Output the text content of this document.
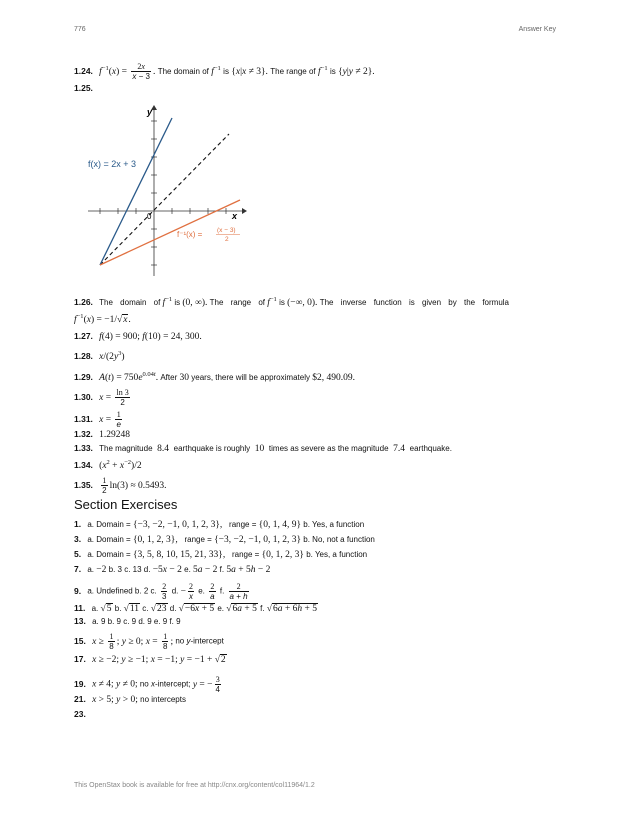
776	Answer Key
1.24. $f^{-1}(x) = \frac{2x}{x - 3}$ . The domain of $f^{-1}$ is {x|x ≠ 3}. The range of $f^{-1}$ is {y|y ≠ 2}.
1.25.
y
x
0
f(x) = 2x + 3
f⁻¹(x) = (x − 3)
2
1.26. The domain of $f^{-1}$ is (0, ∞). The range of $f^{-1}$ is (−∞, 0). The inverse function is given by the formula
$f^{-1}(x) = -1/√x$.
1.27. f(4) = 900; f(10) = 24, 300.
1.28. $x/(2y^3)$
1.29. $A(t) = 750e^{0.04t}$. After 30 years, there will be approximately $2, 490.09.
1.30. $x = \frac{\ln 3}{2}$
1.31. $x = \frac{1}{e}$
1.32. 1.29248
1.33. The magnitude  8.4  earthquake is roughly  10  times as severe as the magnitude  7.4  earthquake.
1.34. $(x^2 + x^{-2})/2$
1.35. $\frac{1}{2} \ln(3) \approx 0.5493$.
Section Exercises
1. a. Domain = {−3, −2, −1, 0, 1, 2, 3}, range = {0, 1, 4, 9} b. Yes, a function
3. a. Domain = {0, 1, 2, 3}, range = {−3, −2, −1, 0, 1, 2, 3} b. No, not a function
5. a. Domain = {3, 5, 8, 10, 15, 21, 33}, range = {0, 1, 2, 3} b. Yes, a function
7. a. −2 b. 3 c. 13 d. −5x − 2 e. 5a − 2 f. 5a + 5h − 2
9. a. Undefined b. 2 c. $\frac{2}{3} d$. − $\frac{2}{x} e$. $\frac{2}{a} f$. $\frac{2}{a + h}$
11. a. √5 b. √11 c. √23 d. √−6x + 5 e. √6a + 5 f. √6a + 6h + 5
13. a. 9 b. 9 c. 9 d. 9 e. 9 f. 9
15. $x \ge \frac{1}{8}$ ; y ≥ 0; $x = \frac{1}{8}$ ; no y-intercept
17. x ≥ −2; y ≥ −1; x = −1; y = −1 + √2
19. x ≠ 4; y ≠ 0; no x-intercept; y = − $\frac{3}{4}$
21. x > 5; y > 0; no intercepts
23.
This OpenStax book is available for free at http://cnx.org/content/col11964/1.2
